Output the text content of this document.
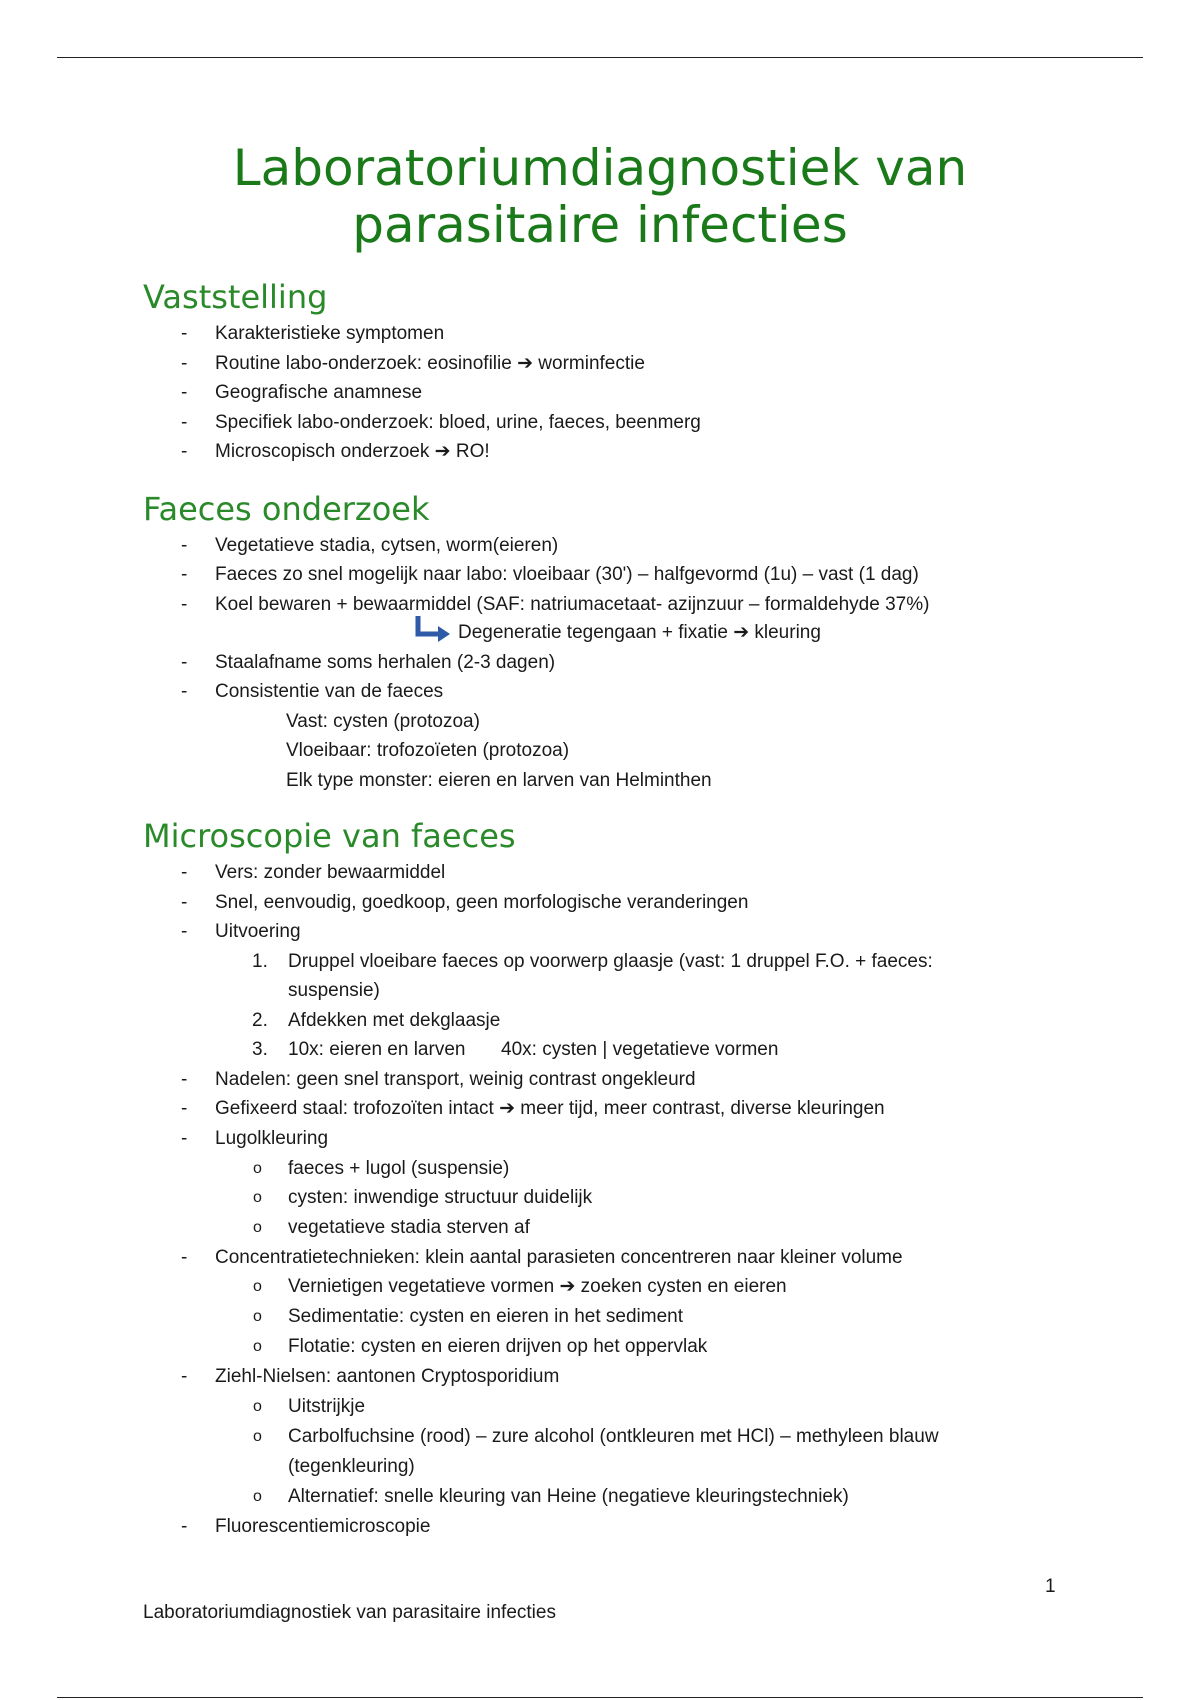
Laboratoriumdiagnostiek van
parasitaire infecties
Vaststelling
- Karakteristieke symptomen
- Routine labo-onderzoek: eosinofilie ➔ worminfectie
- Geografische anamnese
- Specifiek labo-onderzoek: bloed, urine, faeces, beenmerg
- Microscopisch onderzoek ➔ RO!
Faeces onderzoek
- Vegetatieve stadia, cytsen, worm(eieren)
- Faeces zo snel mogelijk naar labo: vloeibaar (30') – halfgevormd (1u) – vast (1 dag)
- Koel bewaren + bewaarmiddel (SAF: natriumacetaat- azijnzuur – formaldehyde 37%)
Degeneratie tegengaan + fixatie ➔ kleuring
- Staalafname soms herhalen (2-3 dagen)
- Consistentie van de faeces
Vast: cysten (protozoa)
Vloeibaar: trofozoïeten (protozoa)
Elk type monster: eieren en larven van Helminthen
Microscopie van faeces
- Vers: zonder bewaarmiddel
- Snel, eenvoudig, goedkoop, geen morfologische veranderingen
- Uitvoering
1. Druppel vloeibare faeces op voorwerp glaasje (vast: 1 druppel F.O. + faeces:
suspensie)
2. Afdekken met dekglaasje
3. 10x: eieren en larven 40x: cysten | vegetatieve vormen
- Nadelen: geen snel transport, weinig contrast ongekleurd
- Gefixeerd staal: trofozoïten intact ➔ meer tijd, meer contrast, diverse kleuringen
- Lugolkleuring
o faeces + lugol (suspensie)
o cysten: inwendige structuur duidelijk
o vegetatieve stadia sterven af
- Concentratietechnieken: klein aantal parasieten concentreren naar kleiner volume
o Vernietigen vegetatieve vormen ➔ zoeken cysten en eieren
o Sedimentatie: cysten en eieren in het sediment
o Flotatie: cysten en eieren drijven op het oppervlak
- Ziehl-Nielsen: aantonen Cryptosporidium
o Uitstrijkje
o Carbolfuchsine (rood) – zure alcohol (ontkleuren met HCl) – methyleen blauw
(tegenkleuring)
o Alternatief: snelle kleuring van Heine (negatieve kleuringstechniek)
- Fluorescentiemicroscopie
1
Laboratoriumdiagnostiek van parasitaire infecties
